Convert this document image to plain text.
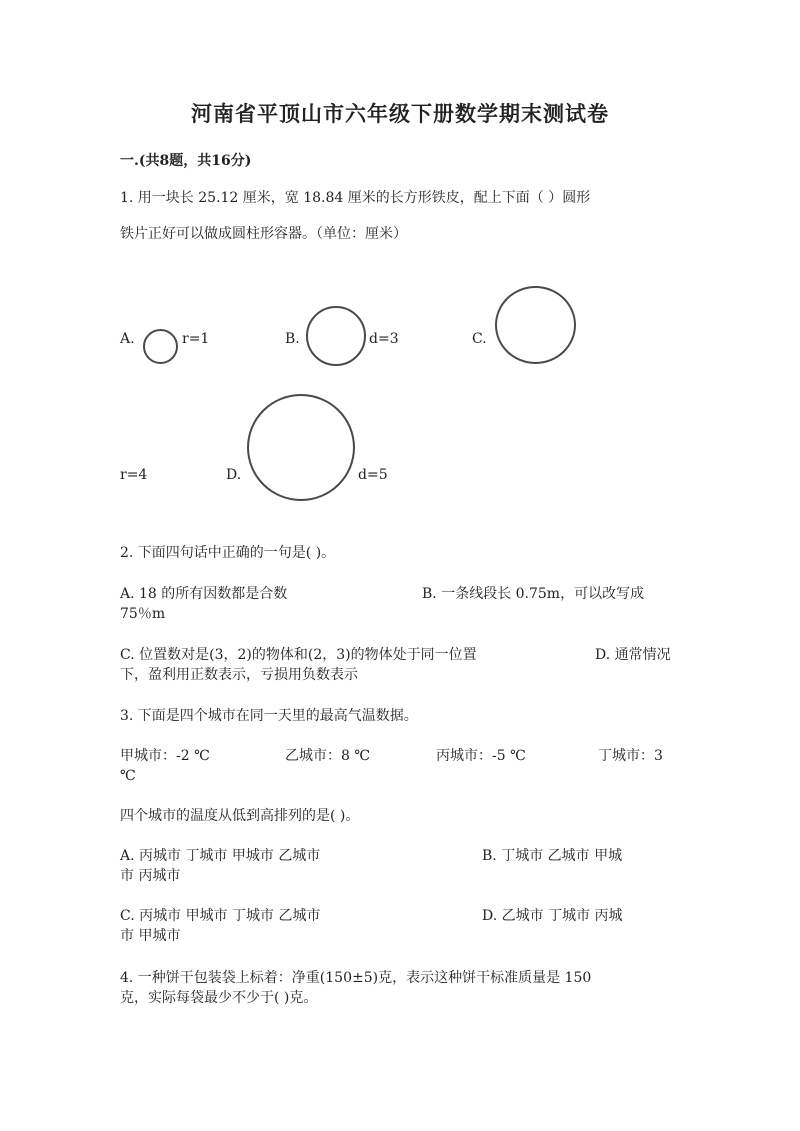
河南省平顶山市六年级下册数学期末测试卷
一.(共8题，共16分)
1. 用一块长 25.12 厘米，宽 18.84 厘米的长方形铁皮，配上下面（ ）圆形
铁片正好可以做成圆柱形容器。（单位：厘米）
A.	r=1	B.	d=3	C.
r=4	D.	d=5
2. 下面四句话中正确的一句是( )。
A. 18 的所有因数都是合数	B. 一条线段长 0.75m，可以改写成
75％m
C. 位置数对是(3，2)的物体和(2，3)的物体处于同一位置	D. 通常情况
下，盈利用正数表示，亏损用负数表示
3. 下面是四个城市在同一天里的最高气温数据。
甲城市：-2 ℃	乙城市：8 ℃	丙城市：-5 ℃	丁城市：3
℃
四个城市的温度从低到高排列的是( )。
A. 丙城市 丁城市 甲城市 乙城市	B. 丁城市 乙城市 甲城
市 丙城市
C. 丙城市 甲城市 丁城市 乙城市	D. 乙城市 丁城市 丙城
市 甲城市
4. 一种饼干包装袋上标着：净重(150±5)克，表示这种饼干标准质量是 150
克，实际每袋最少不少于( )克。
